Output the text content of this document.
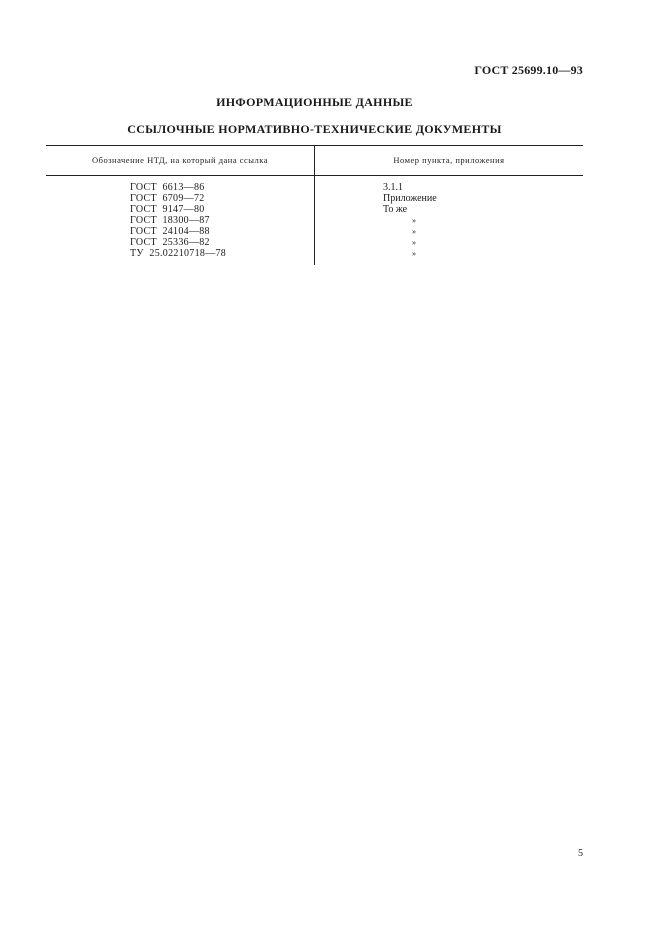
ГОСТ 25699.10—93
ИНФОРМАЦИОННЫЕ ДАННЫЕ
ССЫЛОЧНЫЕ НОРМАТИВНО-ТЕХНИЧЕСКИЕ ДОКУМЕНТЫ
Обозначение НТД, на который дана ссылка	Номер пункта, приложения
ГОСТ  6613—86	3.1.1
ГОСТ  6709—72	Приложение
ГОСТ  9147—80	То же
ГОСТ  18300—87	»
ГОСТ  24104—88	»
ГОСТ  25336—82	»
ТУ  25.02210718—78	»
5
